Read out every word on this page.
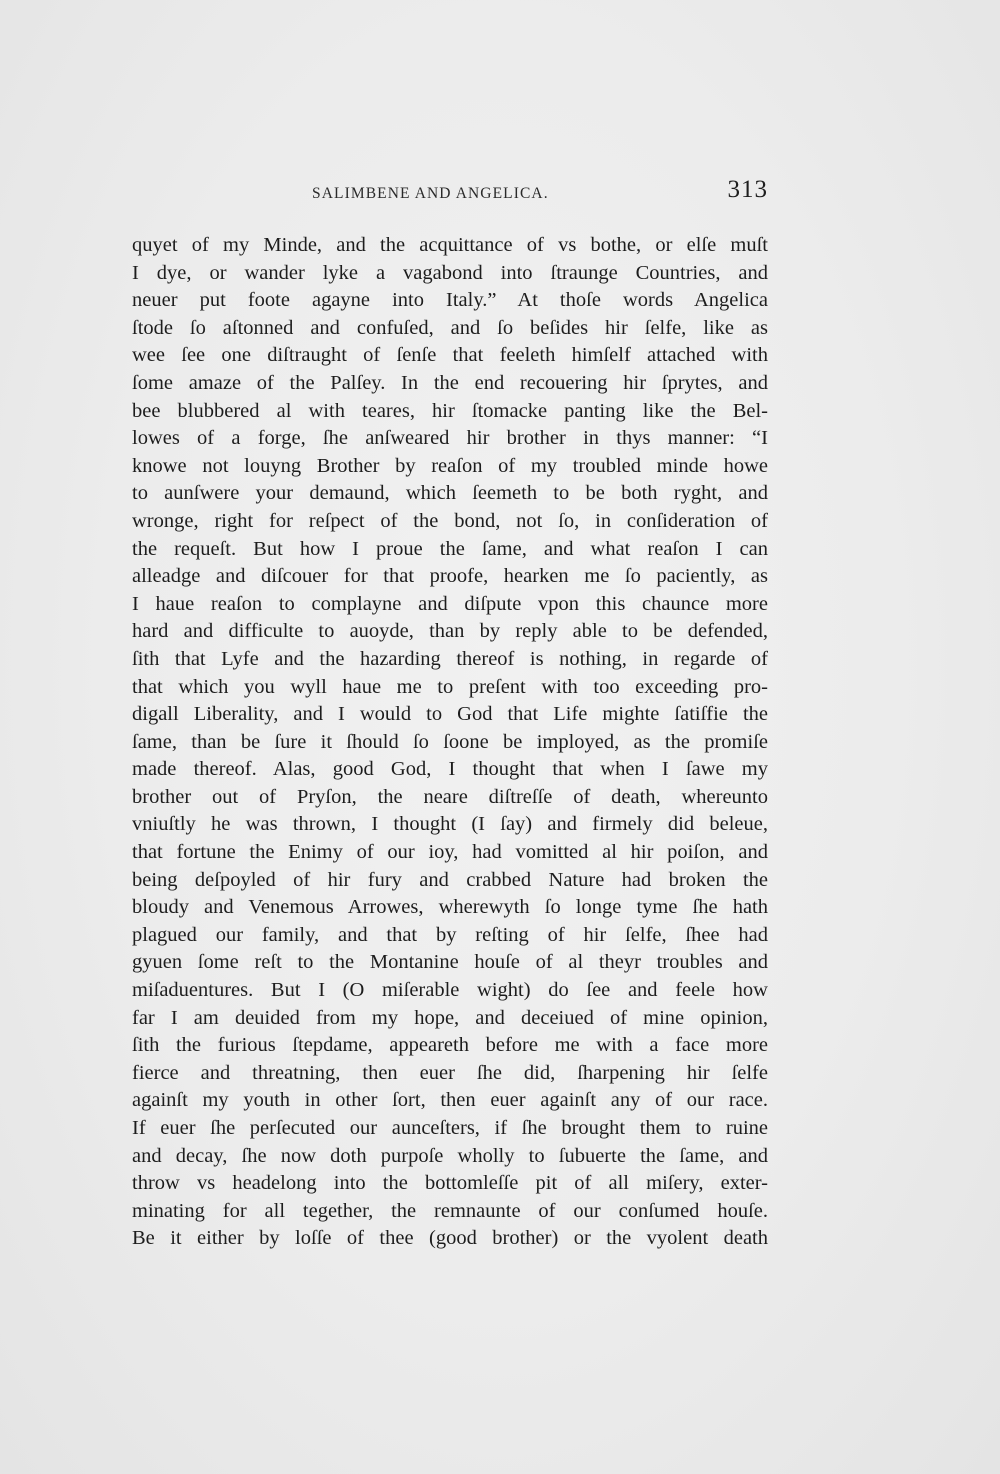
SALIMBENE AND ANGELICA.	313
quyet of my Minde, and the acquittance of vs bothe, or elſe muſt
I dye, or wander lyke a vagabond into ſtraunge Countries, and
neuer put foote agayne into Italy.” At thoſe words Angelica
ſtode ſo aſtonned and confuſed, and ſo beſides hir ſelfe, like as
wee ſee one diſtraught of ſenſe that feeleth himſelf attached with
ſome amaze of the Palſey. In the end recouering hir ſprytes, and
bee blubbered al with teares, hir ſtomacke panting like the Bel-
lowes of a forge, ſhe anſweared hir brother in thys manner: “I
knowe not louyng Brother by reaſon of my troubled minde howe
to aunſwere your demaund, which ſeemeth to be both ryght, and
wronge, right for reſpect of the bond, not ſo, in conſideration of
the requeſt. But how I proue the ſame, and what reaſon I can
alleadge and diſcouer for that proofe, hearken me ſo paciently, as
I haue reaſon to complayne and diſpute vpon this chaunce more
hard and difficulte to auoyde, than by reply able to be defended,
ſith that Lyfe and the hazarding thereof is nothing, in regarde of
that which you wyll haue me to preſent with too exceeding pro-
digall Liberality, and I would to God that Life mighte ſatiſfie the
ſame, than be ſure it ſhould ſo ſoone be imployed, as the promiſe
made thereof. Alas, good God, I thought that when I ſawe my
brother out of Pryſon, the neare diſtreſſe of death, whereunto
vniuſtly he was thrown, I thought (I ſay) and firmely did beleue,
that fortune the Enimy of our ioy, had vomitted al hir poiſon, and
being deſpoyled of hir fury and crabbed Nature had broken the
bloudy and Venemous Arrowes, wherewyth ſo longe tyme ſhe hath
plagued our family, and that by reſting of hir ſelfe, ſhee had
gyuen ſome reſt to the Montanine houſe of al theyr troubles and
miſaduentures. But I (O miſerable wight) do ſee and feele how
far I am deuided from my hope, and deceiued of mine opinion,
ſith the furious ſtepdame, appeareth before me with a face more
fierce and threatning, then euer ſhe did, ſharpening hir ſelfe
againſt my youth in other ſort, then euer againſt any of our race.
If euer ſhe perſecuted our aunceſters, if ſhe brought them to ruine
and decay, ſhe now doth purpoſe wholly to ſubuerte the ſame, and
throw vs headelong into the bottomleſſe pit of all miſery, exter-
minating for all tegether, the remnaunte of our conſumed houſe.
Be it either by loſſe of thee (good brother) or the vyolent death
